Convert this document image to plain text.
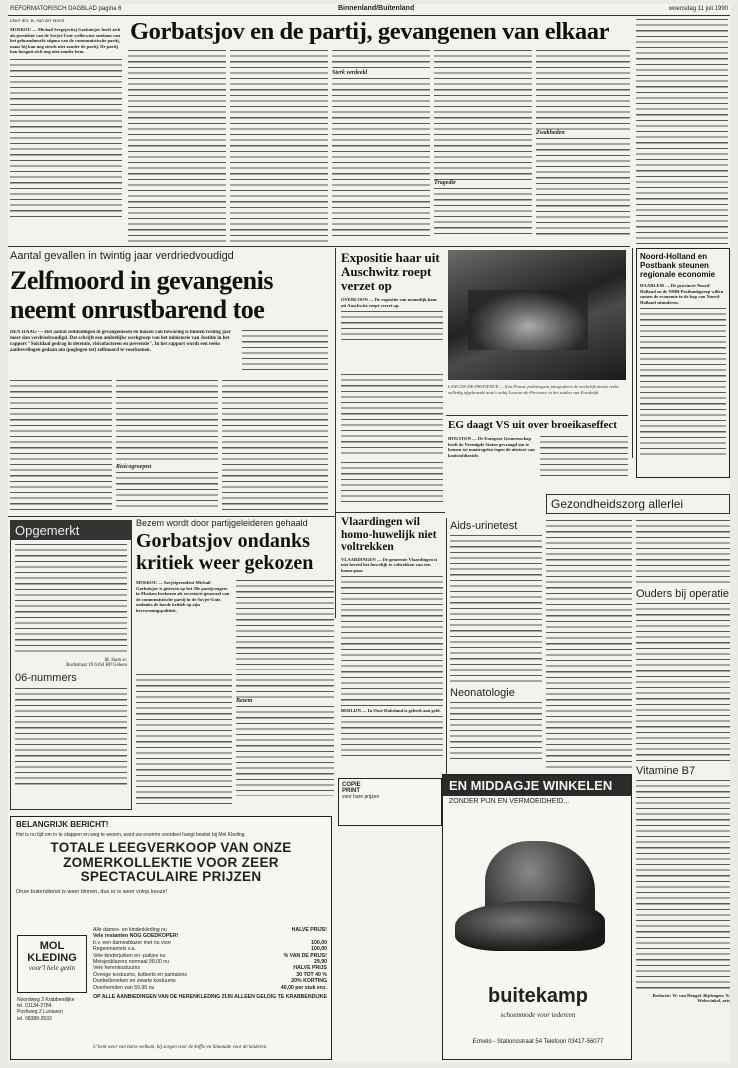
REFORMATORISCH DAGBLAD pagina 6	Binnenland/Buitenland	woensdag 11 juli 1990
Door drs. K. van der Horst
MOSKOU — Michail Sergejevitsj Gorbatsjov heeft zich als president van de Sovjet-Unie welbewust ontdaan van het gebrandmerkt stigma van de communistische partij, maar hij kan nog steeds niet zonder de partij. De partij kan hooguit zich nog niet zonder hem.
Gorbatsjov en de partij, gevangenen van elkaar
Sterk verdeeld
Tragedie
Zwakheden
Aantal gevallen in twintig jaar verdriedvoudigd
Zelfmoord in gevangenis neemt onrustbarend toe
DEN HAAG — Het aantal zelfdodingen in gevangenissen en huizen van bewaring is binnen twintig jaar meer dan verdriedvoudigd. Dat schrijft een ambtelijke werkgroep van het ministerie van Justitie in het rapport "Suïcidaal gedrag in detentie, risicofactoren en preventie". In het rapport wordt een reeks aanbevelingen gedaan om (pogingen tot) zelfmoord te voorkomen.
Risicogroepen
Expositie haar uit Auschwitz roept verzet op
OVERLOON — De expositie van menselijk haar uit Auschwitz roept verzet op.
LANCON-DE-PROVENCE — Een Franse politieagent fotografeert de werkelijk mooie reeks volledig afgebrande auto's nabij Lancon-de-Provence in het zuiden van Frankrijk.
EG daagt VS uit over broeikaseffect
HOUSTON — De Europese Gemeenschap heeft de Verenigde Staten gevraagd om te komen tot maatregelen tegen de uitstoot van koolstofdioxide.
Noord-Holland en Postbank steunen regionale economie
HAARLEM — De provincie Noord-Holland en de NMB-Postbankgroep willen samen de economie in de kop van Noord-Holland stimuleren.
Gezondheidszorg allerlei
Vlaardingen wil homo-huwelijk niet voltrekken
VLAARDINGEN — De gemeente Vlaardingen is niet bereid het huwelijk te voltrekken van een homo-paar.
BERLIJN — In Oost-Duitsland is gebrek aan geld.
Opgemerkt
M. Stam sr.
Burbstraat 19 6164 RP Geleen
06-nummers
Bezem wordt door partijgeleideren gehaald
Gorbatsjov ondanks kritiek weer gekozen
MOSKOU — Sovjetpresident Michail Gorbatsjov is gisteren op het 28e partijcongres in Moskou herkozen als secretaris-generaal van de communistische partij in de Sovjet-Unie, ondanks de harde kritiek op zijn hervormingspolitiek.
Bezem
Aids-urinetest
Neonatologie
Ouders bij operatie
Vitamine B7
Redactie: W. van Hengel. Bijdragen: N. Wolswinkel, arts
BELANGRIJK BERICHT!
Het is nu tijd om in te stappen en weg te wezen, want uw enorme voordeel hangt bestist bij Mol Kleding.
TOTALE LEEGVERKOOP VAN ONZE ZOMERKOLLEKTIE VOOR ZEER SPECTACULAIRE PRIJZEN
Onze buitendienst is weer binnen, dus er is weer volop keuze!
MOL KLEDING
voor'l hele gezin
Noordweg 3 Krabbendijke
tel. 01134-2784
Poshweg 2 Luntaren
tel. 08388-3533
Alle dames- en kinderkleding nu	HALVE PRIJS!
Vele restanten NOG GOEDKOPER!
b.v. een damesblazer met nu voor	100,00
Regenmantels v.a.	100,00
Vele kinderjurken en -pakjes nu	% VAN DE PRIJS!
Meisjesblazers normaal 98,00 nu	29,90
Vele herenkostuums	HALVE PRIJS
Overige kostuums, kolberts en pantalons	30 TOT 40 %
Dunbelbroeken en zwarte kostuums	20% KORTING
Overhemden van 59,90 nu	40,00 per stuk enz.
OP ALLE AANBIEDINGEN VAN DE HERENKLEDING ZIJN ALLEEN GELDIG TE KRABBENDIJKE
U bent weer van harte welkom, bij zorgen voor de koffie en limonade voor de kinderen.
COPIE
PRINT
voor hare prijzen
EN MIDDAGJE WINKELEN
ZONDER PIJN EN VERMOEIDHEID...
buitekamp
schoenmode voor iedereen
Ermelo - Stationsstraat 54 Telefoon 03417-56077
